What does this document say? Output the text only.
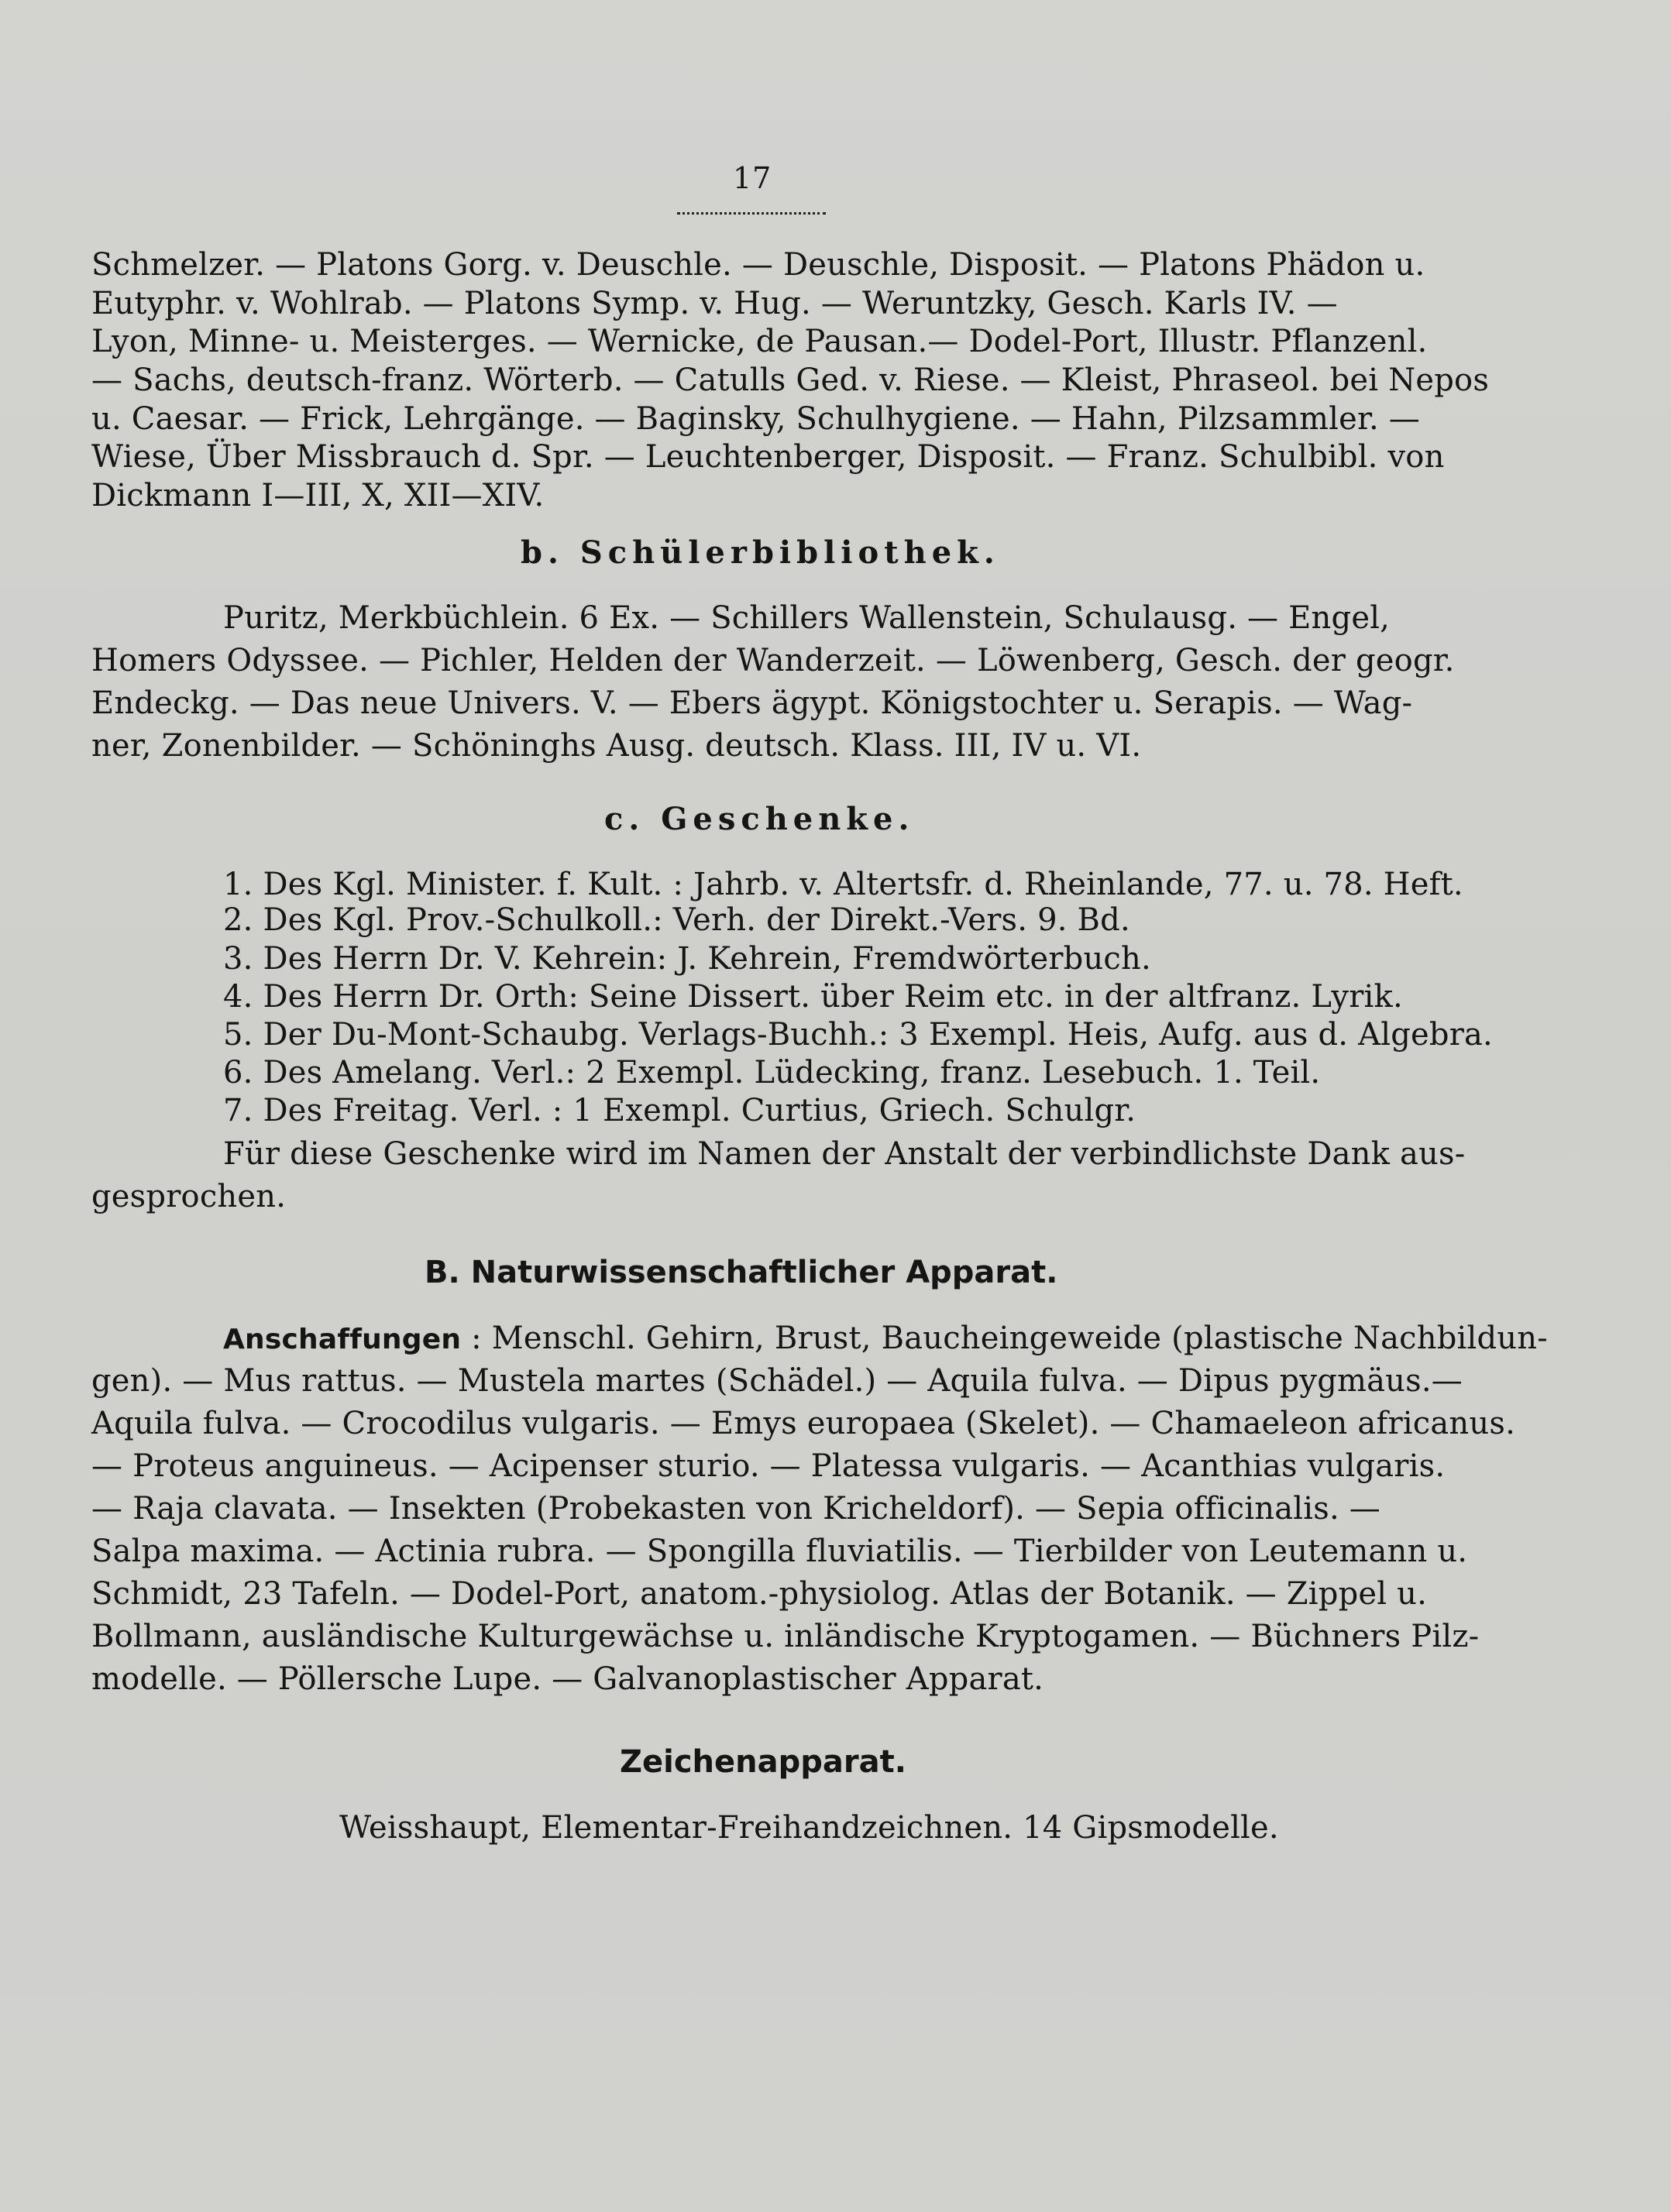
17
Schmelzer. — Platons Gorg. v. Deuschle. — Deuschle, Disposit. — Platons Phädon u.
Eutyphr. v. Wohlrab. — Platons Symp. v. Hug. — Weruntzky, Gesch. Karls IV. —
Lyon, Minne- u. Meisterges. — Wernicke, de Pausan.— Dodel-Port, Illustr. Pflanzenl.
— Sachs, deutsch-franz. Wörterb. — Catulls Ged. v. Riese. — Kleist, Phraseol. bei Nepos
u. Caesar. — Frick, Lehrgänge. — Baginsky, Schulhygiene. — Hahn, Pilzsammler. —
Wiese, Über Missbrauch d. Spr. — Leuchtenberger, Disposit. — Franz. Schulbibl. von
Dickmann I—III, X, XII—XIV.
b. Schülerbibliothek.
Puritz, Merkbüchlein. 6 Ex. — Schillers Wallenstein, Schulausg. — Engel,
Homers Odyssee. — Pichler, Helden der Wanderzeit. — Löwenberg, Gesch. der geogr.
Endeckg. — Das neue Univers. V. — Ebers ägypt. Königstochter u. Serapis. — Wag-
ner, Zonenbilder. — Schöninghs Ausg. deutsch. Klass. III, IV u. VI.
c. Geschenke.
1. Des Kgl. Minister. f. Kult. : Jahrb. v. Altertsfr. d. Rheinlande, 77. u. 78. Heft.
2. Des Kgl. Prov.-Schulkoll.: Verh. der Direkt.-Vers. 9. Bd.
3. Des Herrn Dr. V. Kehrein: J. Kehrein, Fremdwörterbuch.
4. Des Herrn Dr. Orth: Seine Dissert. über Reim etc. in der altfranz. Lyrik.
5. Der Du-Mont-Schaubg. Verlags-Buchh.: 3 Exempl. Heis, Aufg. aus d. Algebra.
6. Des Amelang. Verl.: 2 Exempl. Lüdecking, franz. Lesebuch. 1. Teil.
7. Des Freitag. Verl. : 1 Exempl. Curtius, Griech. Schulgr.
Für diese Geschenke wird im Namen der Anstalt der verbindlichste Dank aus-
gesprochen.
B. Naturwissenschaftlicher Apparat.
Anschaffungen : Menschl. Gehirn, Brust, Baucheingeweide (plastische Nachbildun-
gen). — Mus rattus. — Mustela martes (Schädel.) — Aquila fulva. — Dipus pygmäus.—
Aquila fulva. — Crocodilus vulgaris. — Emys europaea (Skelet). — Chamaeleon africanus.
— Proteus anguineus. — Acipenser sturio. — Platessa vulgaris. — Acanthias vulgaris.
— Raja clavata. — Insekten (Probekasten von Kricheldorf). — Sepia officinalis. —
Salpa maxima. — Actinia rubra. — Spongilla fluviatilis. — Tierbilder von Leutemann u.
Schmidt, 23 Tafeln. — Dodel-Port, anatom.-physiolog. Atlas der Botanik. — Zippel u.
Bollmann, ausländische Kulturgewächse u. inländische Kryptogamen. — Büchners Pilz-
modelle. — Pöllersche Lupe. — Galvanoplastischer Apparat.
Zeichenapparat.
Weisshaupt, Elementar-Freihandzeichnen. 14 Gipsmodelle.
